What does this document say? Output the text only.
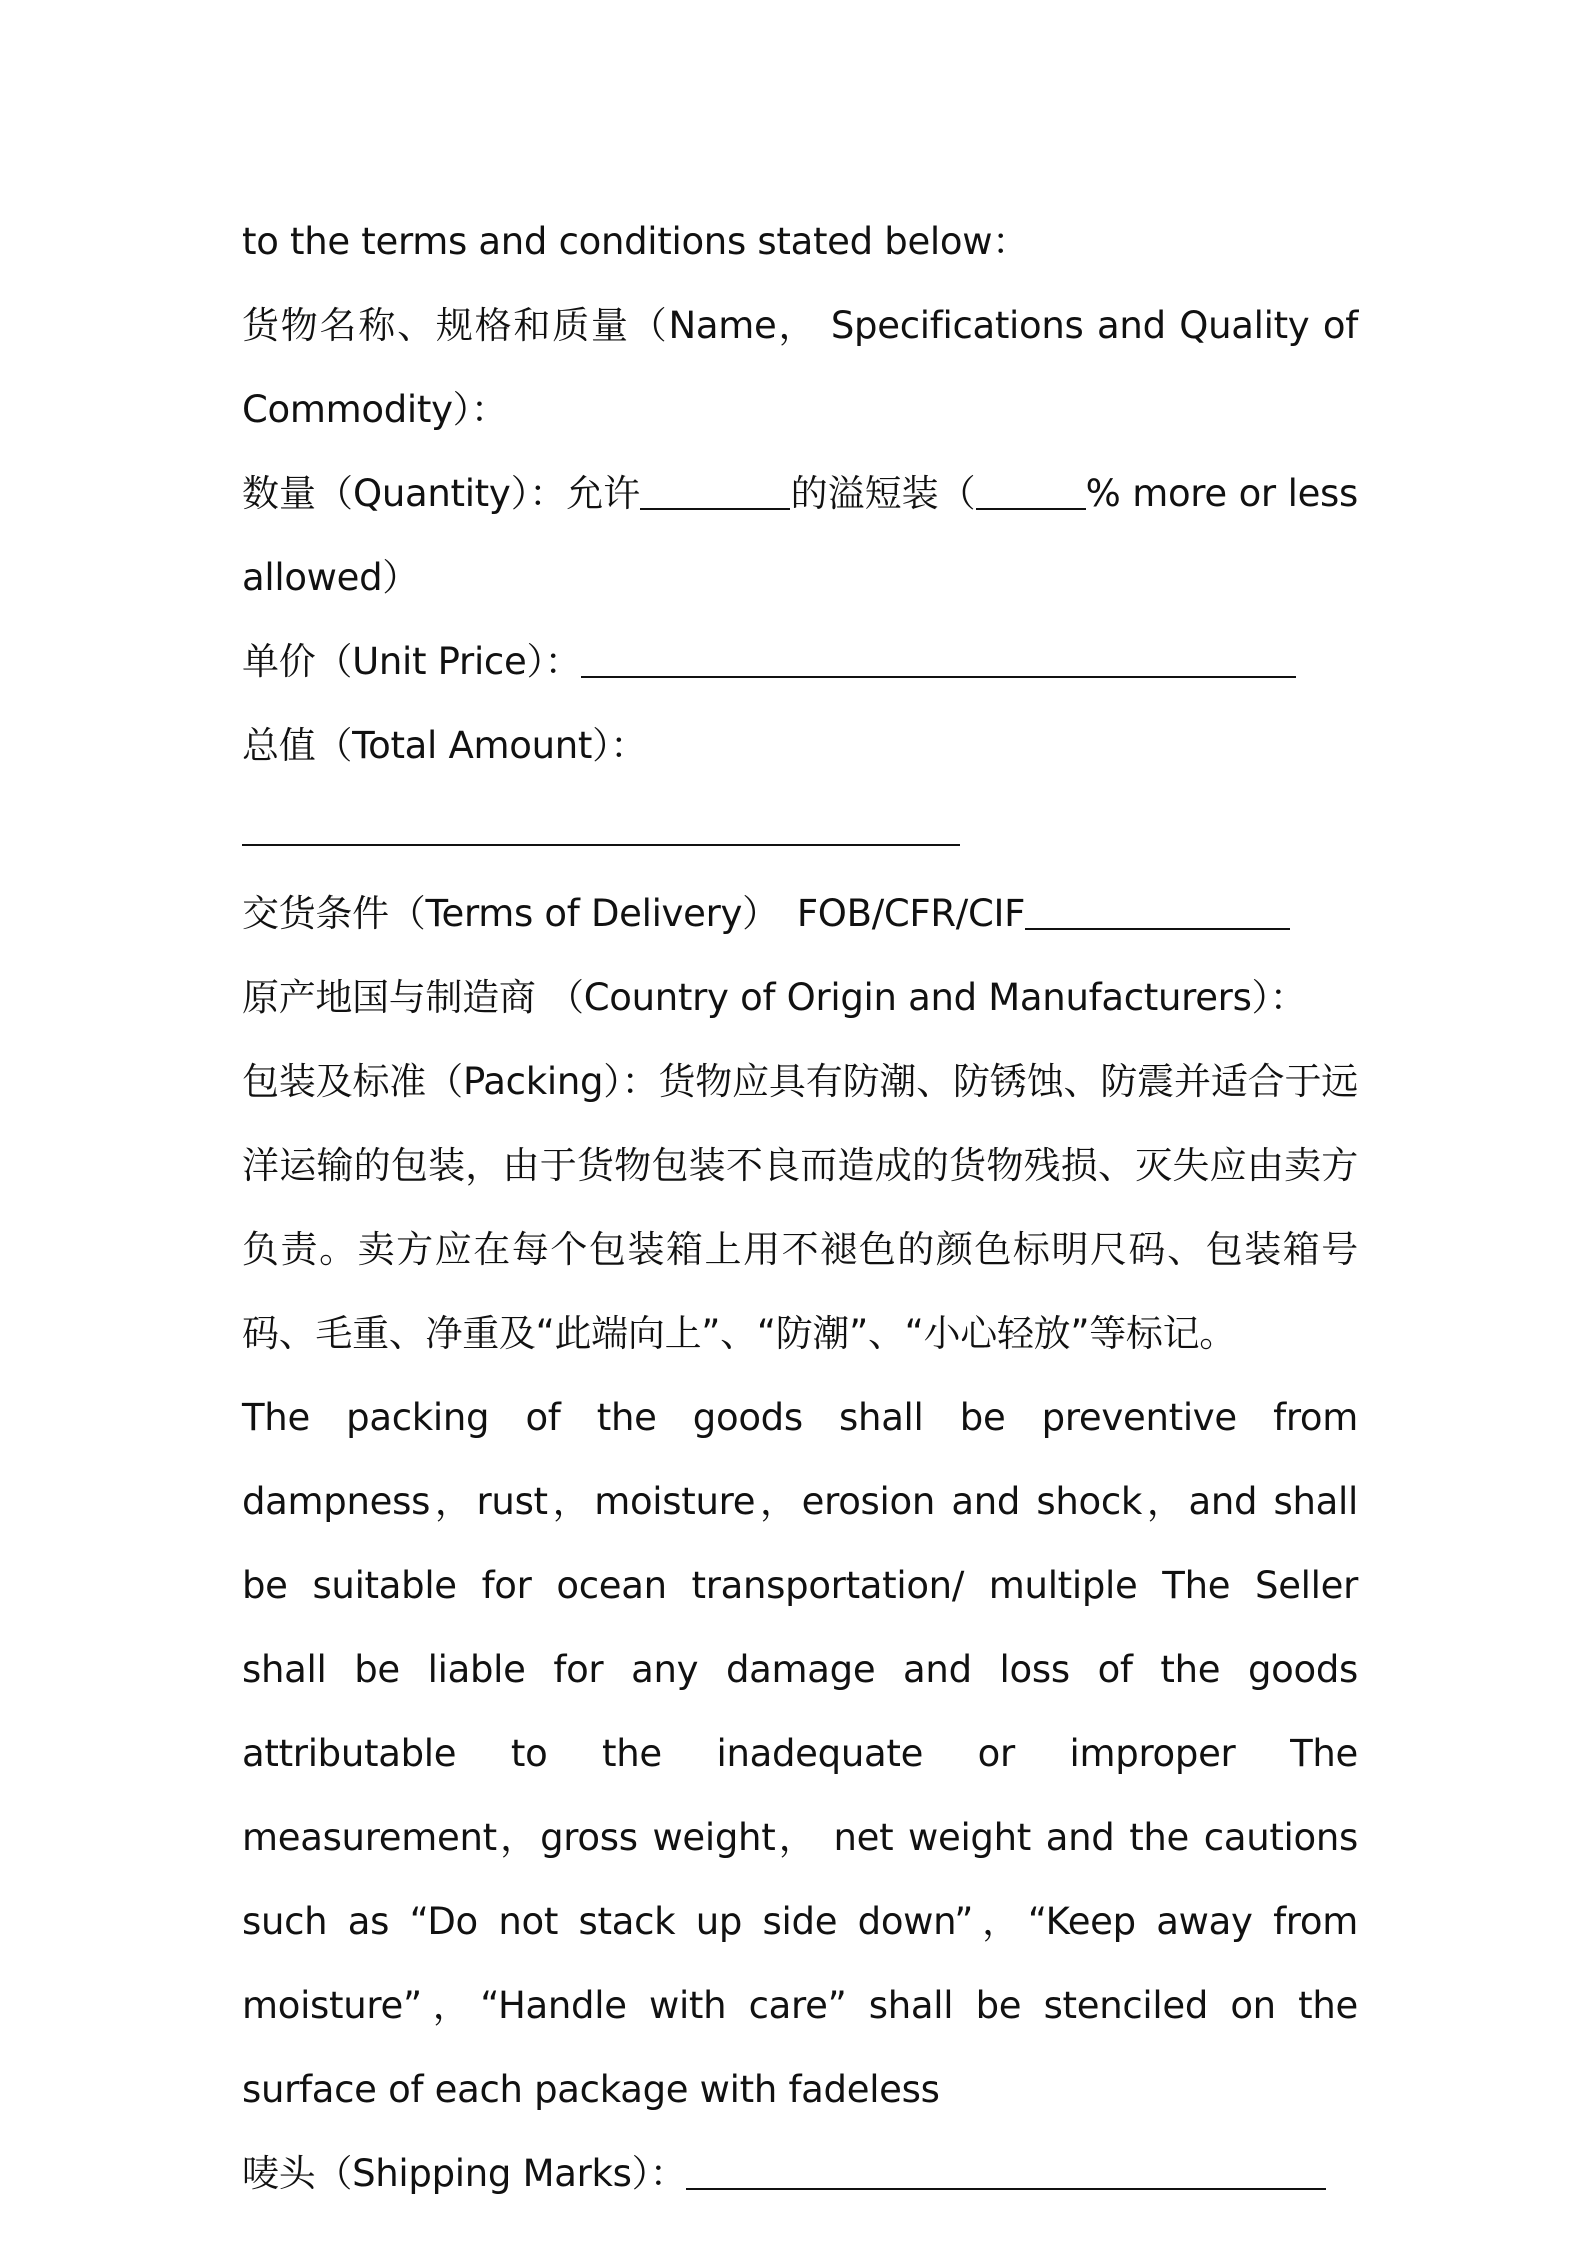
to the terms and conditions stated below：

货物名称、规格和质量（Name， Specifications and Quality of Commodity）：

数量（Quantity）：允许	的溢短装（	% more or less allowed）

单价（Unit Price）：

总值（Total Amount）：

交货条件（Terms of Delivery） FOB/CFR/CIF

原产地国与制造商 （Country of Origin and Manufacturers）：

包装及标准（Packing）：货物应具有防潮、防锈蚀、防震并适合于远洋运输的包装，由于货物包装不良而造成的货物残损、灭失应由卖方负责。卖方应在每个包装箱上用不褪色的颜色标明尺码、包装箱号码、毛重、净重及“此端向上”、“防潮”、“小心轻放”等标记。

The packing of the goods shall be preventive from dampness，rust，moisture，erosion and shock，and shall be suitable for ocean transportation/ multiple The Seller shall be liable for any damage and loss of the goods attributable to the inadequate or improper The measurement，gross weight， net weight and the cautions such as “Do not stack up side down”，“Keep away from moisture”，“Handle with care” shall be stenciled on the surface of each package with fadeless

唛头（Shipping Marks）：
